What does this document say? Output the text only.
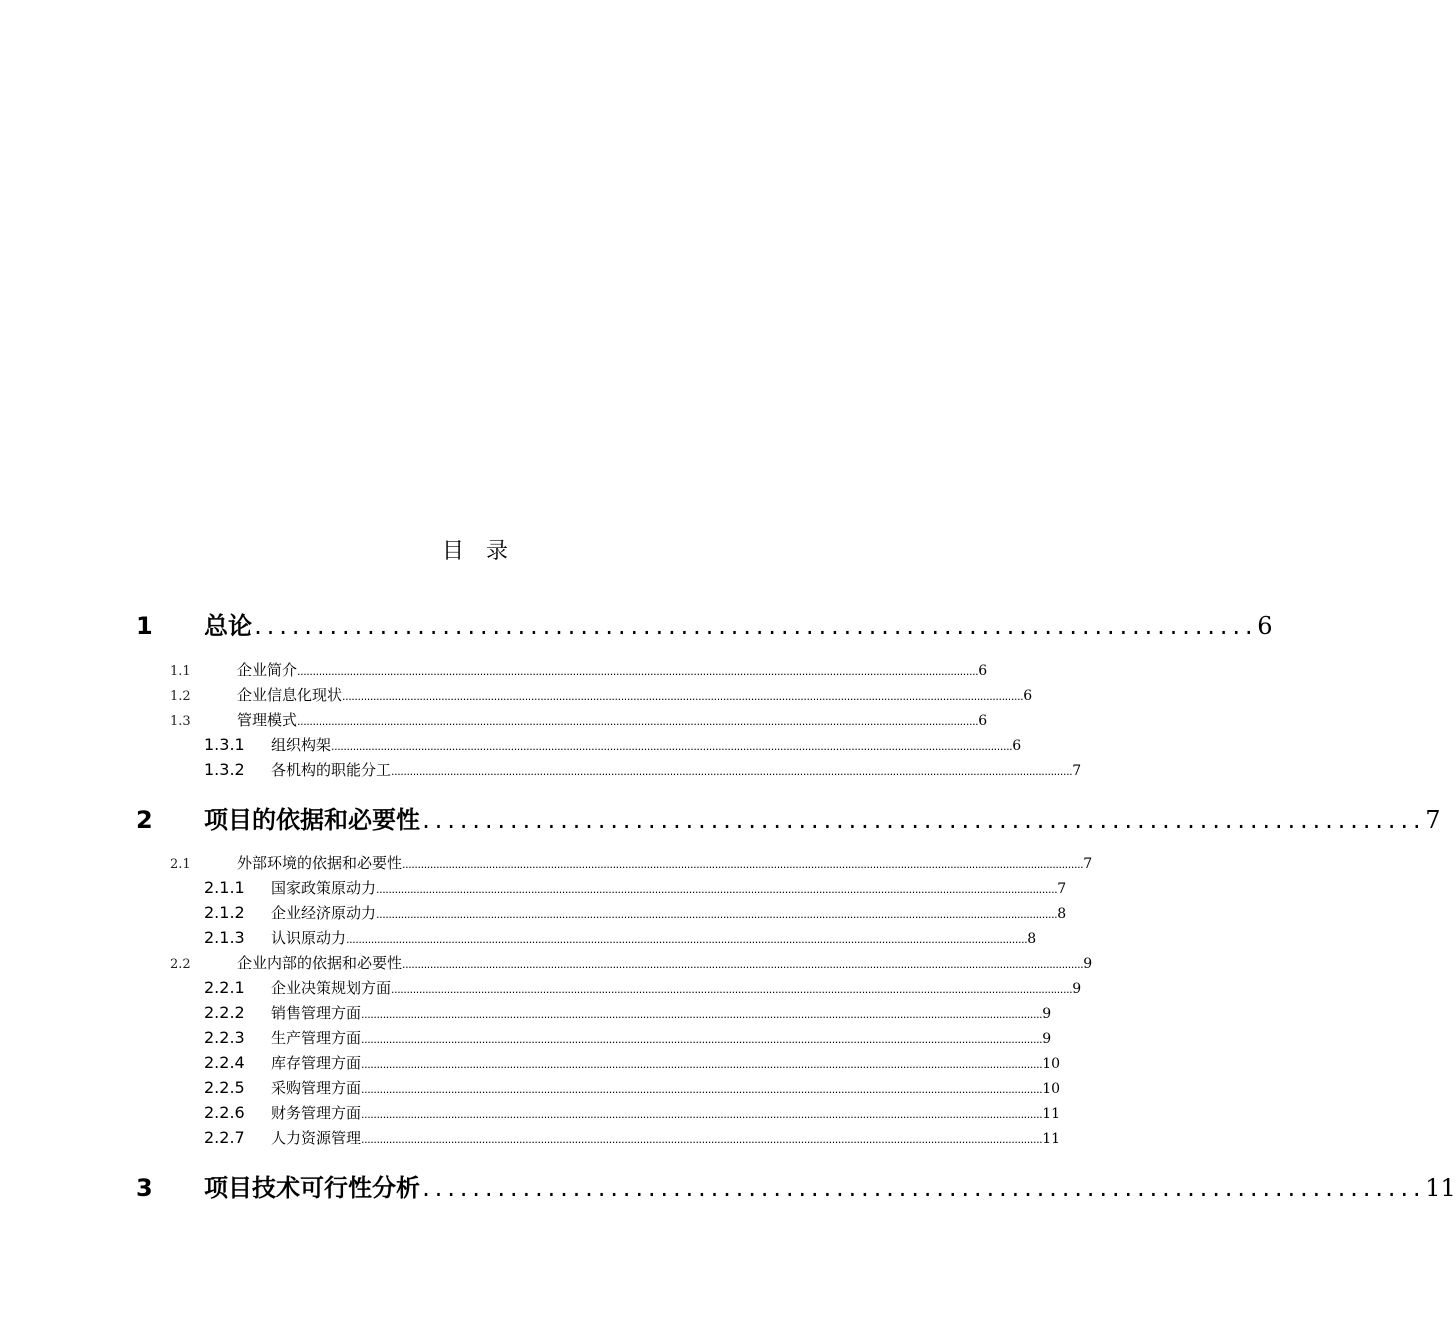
目　录
1	总论 ................................................................................ 6
1.1	企业简介 ............................................................................................................................................................................................................................ 6
1.2	企业信息化现状 ............................................................................................................................................................................................................................ 6
1.3	管理模式 ............................................................................................................................................................................................................................ 6
1.3.1	组织构架 ............................................................................................................................................................................................................................ 6
1.3.2	各机构的职能分工 ............................................................................................................................................................................................................................ 7
2	项目的依据和必要性 ................................................................................ 7
2.1	外部环境的依据和必要性 ............................................................................................................................................................................................................................ 7
2.1.1	国家政策原动力 ............................................................................................................................................................................................................................ 7
2.1.2	企业经济原动力 ............................................................................................................................................................................................................................ 8
2.1.3	认识原动力 ............................................................................................................................................................................................................................ 8
2.2	企业内部的依据和必要性 ............................................................................................................................................................................................................................ 9
2.2.1	企业决策规划方面 ............................................................................................................................................................................................................................ 9
2.2.2	销售管理方面 ............................................................................................................................................................................................................................ 9
2.2.3	生产管理方面 ............................................................................................................................................................................................................................ 9
2.2.4	库存管理方面 ............................................................................................................................................................................................................................ 10
2.2.5	采购管理方面 ............................................................................................................................................................................................................................ 10
2.2.6	财务管理方面 ............................................................................................................................................................................................................................ 11
2.2.7	人力资源管理 ............................................................................................................................................................................................................................ 11
3	项目技术可行性分析 ................................................................................ 11
